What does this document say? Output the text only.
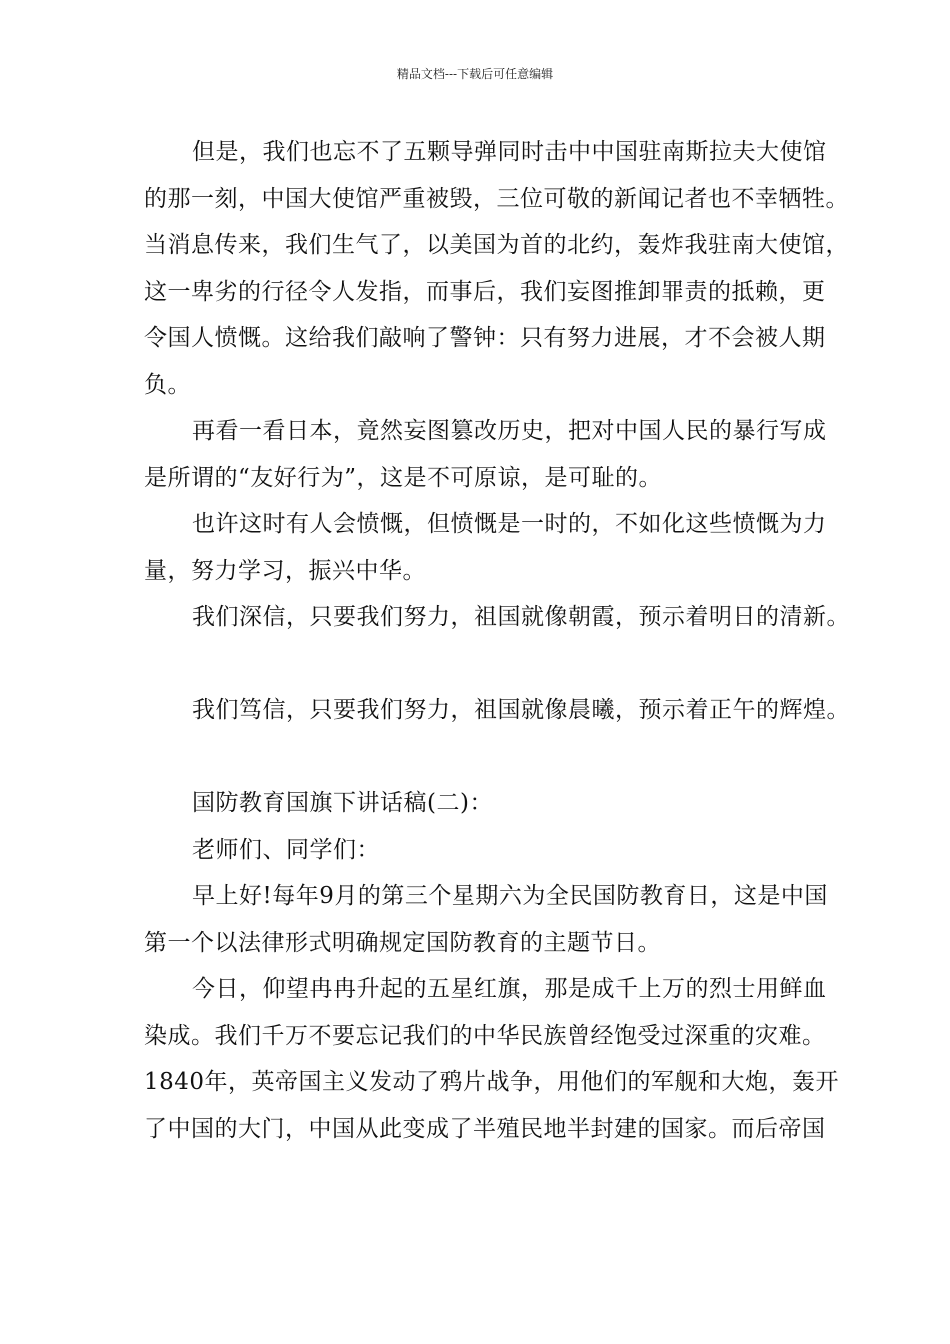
精品文档---下载后可任意编辑
但是，我们也忘不了五颗导弹同时击中中国驻南斯拉夫大使馆
的那一刻，中国大使馆严重被毁，三位可敬的新闻记者也不幸牺牲。
当消息传来，我们生气了，以美国为首的北约，轰炸我驻南大使馆，
这一卑劣的行径令人发指，而事后，我们妄图推卸罪责的抵赖，更
令国人愤慨。这给我们敲响了警钟：只有努力进展，才不会被人期
负。
再看一看日本，竟然妄图篡改历史，把对中国人民的暴行写成
是所谓的“友好行为”，这是不可原谅，是可耻的。
也许这时有人会愤慨，但愤慨是一时的，不如化这些愤慨为力
量，努力学习，振兴中华。
我们深信，只要我们努力，祖国就像朝霞，预示着明日的清新。
我们笃信，只要我们努力，祖国就像晨曦，预示着正午的辉煌。
国防教育国旗下讲话稿(二)：
老师们、同学们：
早上好!每年9月的第三个星期六为全民国防教育日，这是中国
第一个以法律形式明确规定国防教育的主题节日。
今日，仰望冉冉升起的五星红旗，那是成千上万的烈士用鲜血
染成。我们千万不要忘记我们的中华民族曾经饱受过深重的灾难。
1840年，英帝国主义发动了鸦片战争，用他们的军舰和大炮，轰开
了中国的大门，中国从此变成了半殖民地半封建的国家。而后帝国
